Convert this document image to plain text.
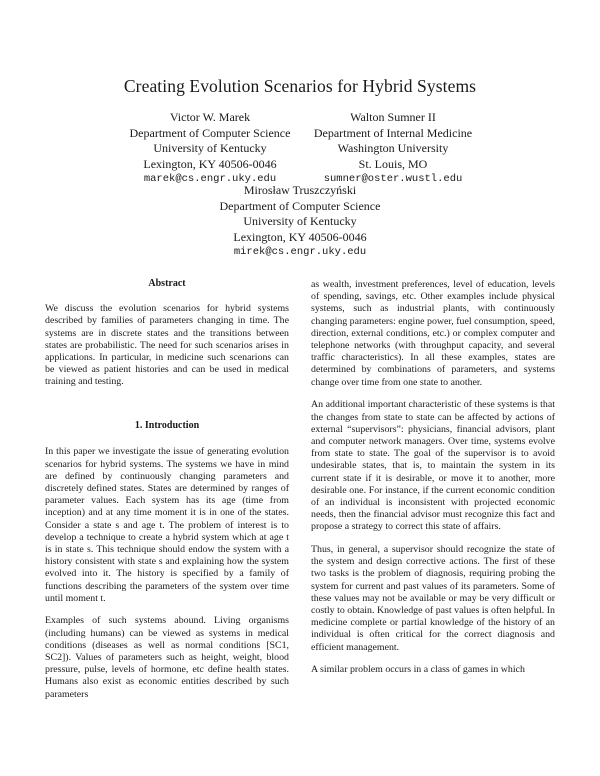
Creating Evolution Scenarios for Hybrid Systems
Victor W. Marek
Department of Computer Science
University of Kentucky
Lexington, KY 40506-0046
marek@cs.engr.uky.edu
Walton Sumner II
Department of Internal Medicine
Washington University
St. Louis, MO
sumner@oster.wustl.edu
Mirosław Truszczyński
Department of Computer Science
University of Kentucky
Lexington, KY 40506-0046
mirek@cs.engr.uky.edu
Abstract

We discuss the evolution scenarios for hybrid systems described by families of parameters changing in time. The systems are in discrete states and the transitions between states are probabilistic. The need for such scenarios arises in applications. In particular, in medicine such scenarions can be viewed as patient histories and can be used in medical training and testing.

1. Introduction

In this paper we investigate the issue of generating evolution scenarios for hybrid systems. The systems we have in mind are defined by continuously changing parameters and discretely defined states. States are determined by ranges of parameter values. Each system has its age (time from inception) and at any time moment it is in one of the states. Consider a state s and age t. The problem of interest is to develop a technique to create a hybrid system which at age t is in state s. This technique should endow the system with a history consistent with state s and explaining how the system evolved into it. The history is specified by a family of functions describing the parameters of the system over time until moment t.

Examples of such systems abound. Living organisms (including humans) can be viewed as systems in medical conditions (diseases as well as normal conditions [SC1, SC2]). Values of parameters such as height, weight, blood pressure, pulse, levels of hormone, etc define health states. Humans also exist as economic entities described by such parameters

as wealth, investment preferences, level of education, levels of spending, savings, etc. Other examples include physical systems, such as industrial plants, with continuously changing parameters: engine power, fuel consumption, speed, direction, external conditions, etc.) or complex computer and telephone networks (with throughput capacity, and several traffic characteristics). In all these examples, states are determined by combinations of parameters, and systems change over time from one state to another.

An additional important characteristic of these systems is that the changes from state to state can be affected by actions of external “supervisors”: physicians, financial advisors, plant and computer network managers. Over time, systems evolve from state to state. The goal of the supervisor is to avoid undesirable states, that is, to maintain the system in its current state if it is desirable, or move it to another, more desirable one. For instance, if the current economic condition of an individual is inconsistent with projected economic needs, then the financial advisor must recognize this fact and propose a strategy to correct this state of affairs.

Thus, in general, a supervisor should recognize the state of the system and design corrective actions. The first of these two tasks is the problem of diagnosis, requiring probing the system for current and past values of its parameters. Some of these values may not be available or may be very difficult or costly to obtain. Knowledge of past values is often helpful. In medicine complete or partial knowledge of the history of an individual is often critical for the correct diagnosis and efficient management.

A similar problem occurs in a class of games in which
